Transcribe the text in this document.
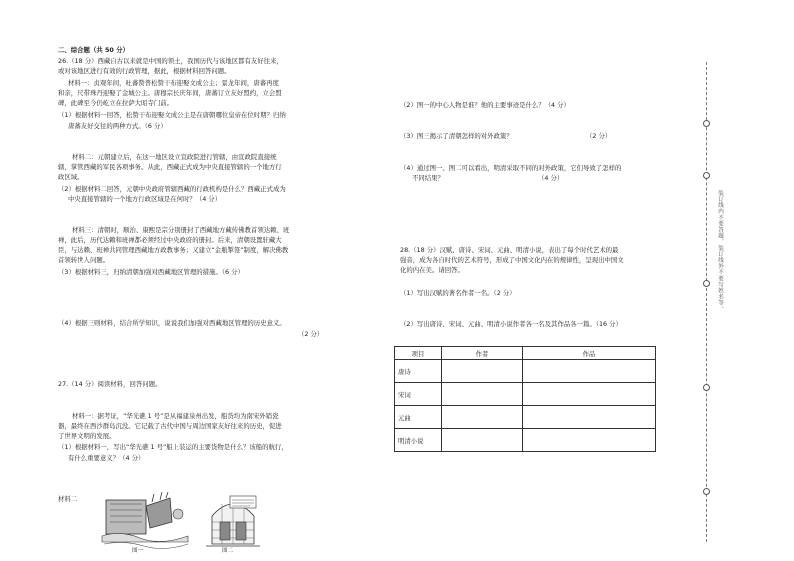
二、综合题（共 50 分）
26.（18 分）西藏自古以来就是中国的领土，我国历代与该地区都有友好往来，
或对该地区进行有效的行政管理，据此，根据材料回答问题。
材料一：贞观年间，吐蕃赞普松赞干布迎娶文成公主；景龙年间，唐蕃再度
和亲，尺带珠丹迎娶了金城公主。唐穆宗长庆年间，唐蕃订立友好盟约，立会盟
碑，此碑至今仍屹立在拉萨大昭寺门前。
（1）根据材料一回答，松赞干布迎娶文成公主是在唐朝哪位皇帝在位时期？归纳
唐蕃友好交往的两种方式。（6 分）
材料二：元朝建立后，在这一地区设立宣政院进行管辖，由宣政院直接统
辖，掌管西藏的军民各项事务。从此，西藏正式成为中央直接管辖的一个地方行
政区域。
（2）根据材料二回答，元朝中央政府管辖西藏的行政机构是什么？西藏正式成为
中央直接管辖的一个地方行政区域是在何时？（4 分）
材料三：清朝时，顺治、康熙是宗分别册封了西藏地方藏传佛教首领达赖、班
禅，此后，历代达赖和班禅都必须经过中央政府的册封。后来，清朝设置驻藏大
臣，与达赖、班禅共同管理西藏地方政教事务；又建立“金瓶掣签”制度，解决佛教
首领转世人问题。
（3）根据材料三，归纳清朝加强对西藏地区管理的措施。（6 分）
（4）根据三则材料，结合所学知识，说说我们加强对西藏地区管理的历史意义。
（2 分）
27.（14 分）阅读材料，回答问题。
材料一：据考证，“华光礁 1 号”是从福建泉州出发，船货均为南宋外销瓷
器，最终在西沙群岛沉没。它记载了古代中国与周边国家友好往来的历史，促进
了世界文明的发展。
（1）根据材料一，写出“华光礁 1 号”船上装运的主要货物是什么？该船的航行，
有什么重要意义？（4 分）
材料二
图一	图二
（2）图一的中心人物是谁？他的主要事迹是什么？（4 分）
（3）图三揭示了清朝怎样的对外政策？	（2 分）
（4）通过图一、图二可以看出，明清采取不同的对外政策，它们导致了怎样的
不同结果？	（4 分）
28.（18 分）汉赋、唐诗、宋词、元曲、明清小说，表出了每个时代艺术的最
强音，成为各自时代的艺术符号，形成了中国文化内在的规律性，呈现出中国文
化的内在美。请回答。
（1）写出汉赋的著名作者一名。（2 分）
（2）写出唐诗、宋词、元曲、明清小说作者各一名及其作品各一篇。（16 分）
项目	作者	作品
唐诗		
宋词		
元曲		
明清小说		
装订线内不要答题，装订线外不要写姓名等。
